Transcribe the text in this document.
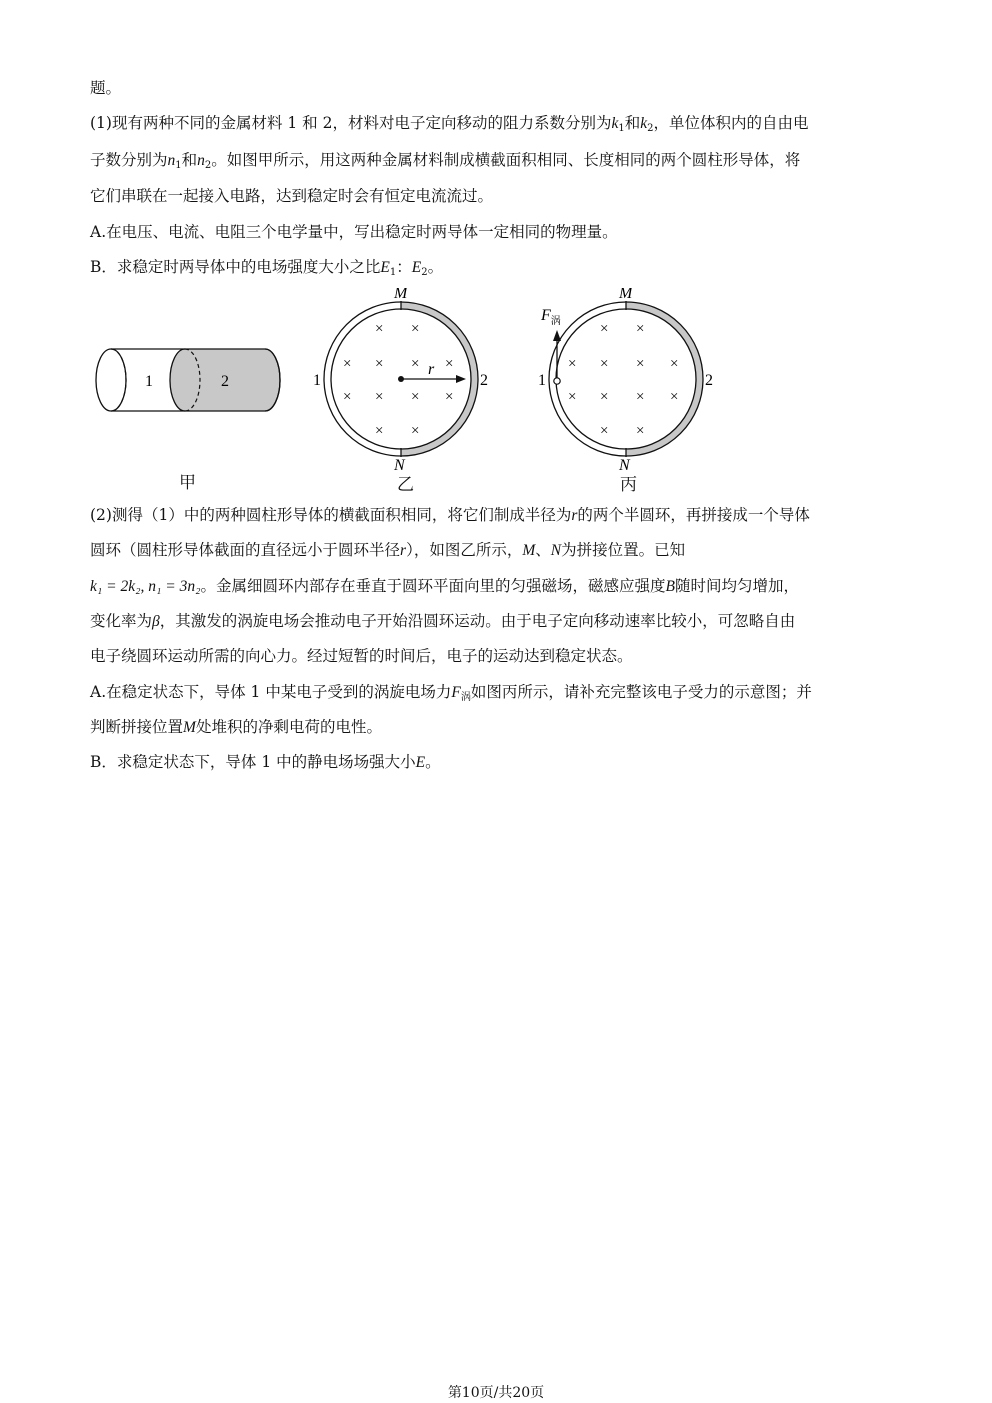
题。
(1)现有两种不同的金属材料 1 和 2，材料对电子定向移动的阻力系数分别为$k_1$和$k_2$，单位体积内的自由电
子数分别为$n_1$和$n_2$。如图甲所示，用这两种金属材料制成横截面积相同、长度相同的两个圆柱形导体，将
它们串联在一起接入电路，达到稳定时会有恒定电流流过。
A.在电压、电流、电阻三个电学量中，写出稳定时两导体一定相同的物理量。
B．求稳定时两导体中的电场强度大小之比$E_1$：$E_2$。
1	2
甲
× ×
× × × ×
× × × ×
× ×
r
M
N
1	2
乙
× ×
× × × ×
× × × ×
× ×
$F_涡$
M
N
1	2
丙
(2)测得（1）中的两种圆柱形导体的横截面积相同，将它们制成半径为r的两个半圆环，再拼接成一个导体
圆环（圆柱形导体截面的直径远小于圆环半径r），如图乙所示，M、N为拼接位置。已知
k₁ = 2k₂, n₁ = 3n₂。金属细圆环内部存在垂直于圆环平面向里的匀强磁场，磁感应强度B随时间均匀增加，
变化率为β，其激发的涡旋电场会推动电子开始沿圆环运动。由于电子定向移动速率比较小，可忽略自由
电子绕圆环运动所需的向心力。经过短暂的时间后，电子的运动达到稳定状态。
A.在稳定状态下，导体 1 中某电子受到的涡旋电场力$F_涡$如图丙所示，请补充完整该电子受力的示意图；并
判断拼接位置M处堆积的净剩电荷的电性。
B．求稳定状态下，导体 1 中的静电场场强大小E。
第10页/共20页
